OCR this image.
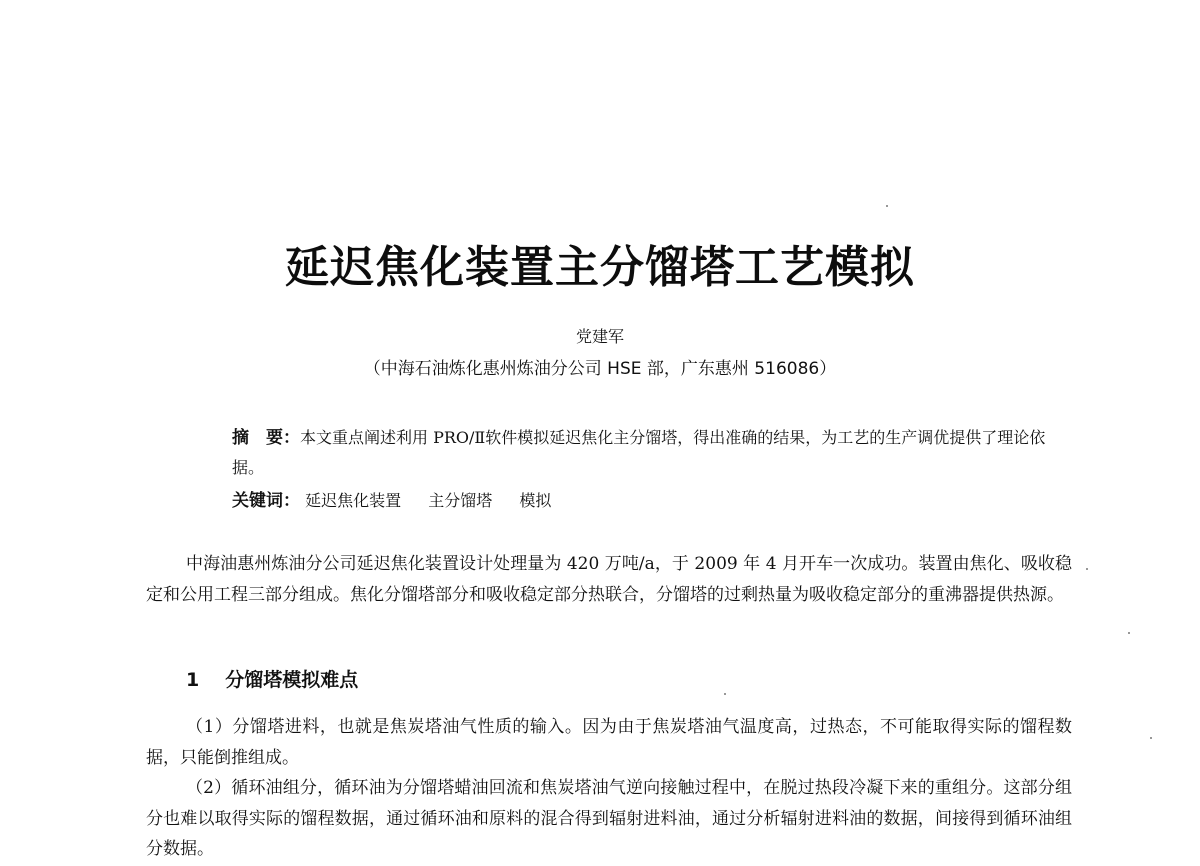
延迟焦化装置主分馏塔工艺模拟
党建军
（中海石油炼化惠州炼油分公司 HSE 部，广东惠州 516086）
摘　要：本文重点阐述利用 PRO/Ⅱ软件模拟延迟焦化主分馏塔，得出准确的结果，为工艺的生产调优提供了理论依据。
关键词： 延迟焦化装置 主分馏塔 模拟
中海油惠州炼油分公司延迟焦化装置设计处理量为 420 万吨/a，于 2009 年 4 月开车一次成功。装置由焦化、吸收稳定和公用工程三部分组成。焦化分馏塔部分和吸收稳定部分热联合，分馏塔的过剩热量为吸收稳定部分的重沸器提供热源。
1 分馏塔模拟难点
（1）分馏塔进料，也就是焦炭塔油气性质的输入。因为由于焦炭塔油气温度高，过热态，不可能取得实际的馏程数据，只能倒推组成。
（2）循环油组分，循环油为分馏塔蜡油回流和焦炭塔油气逆向接触过程中，在脱过热段冷凝下来的重组分。这部分组分也难以取得实际的馏程数据，通过循环油和原料的混合得到辐射进料油，通过分析辐射进料油的数据，间接得到循环油组分数据。
